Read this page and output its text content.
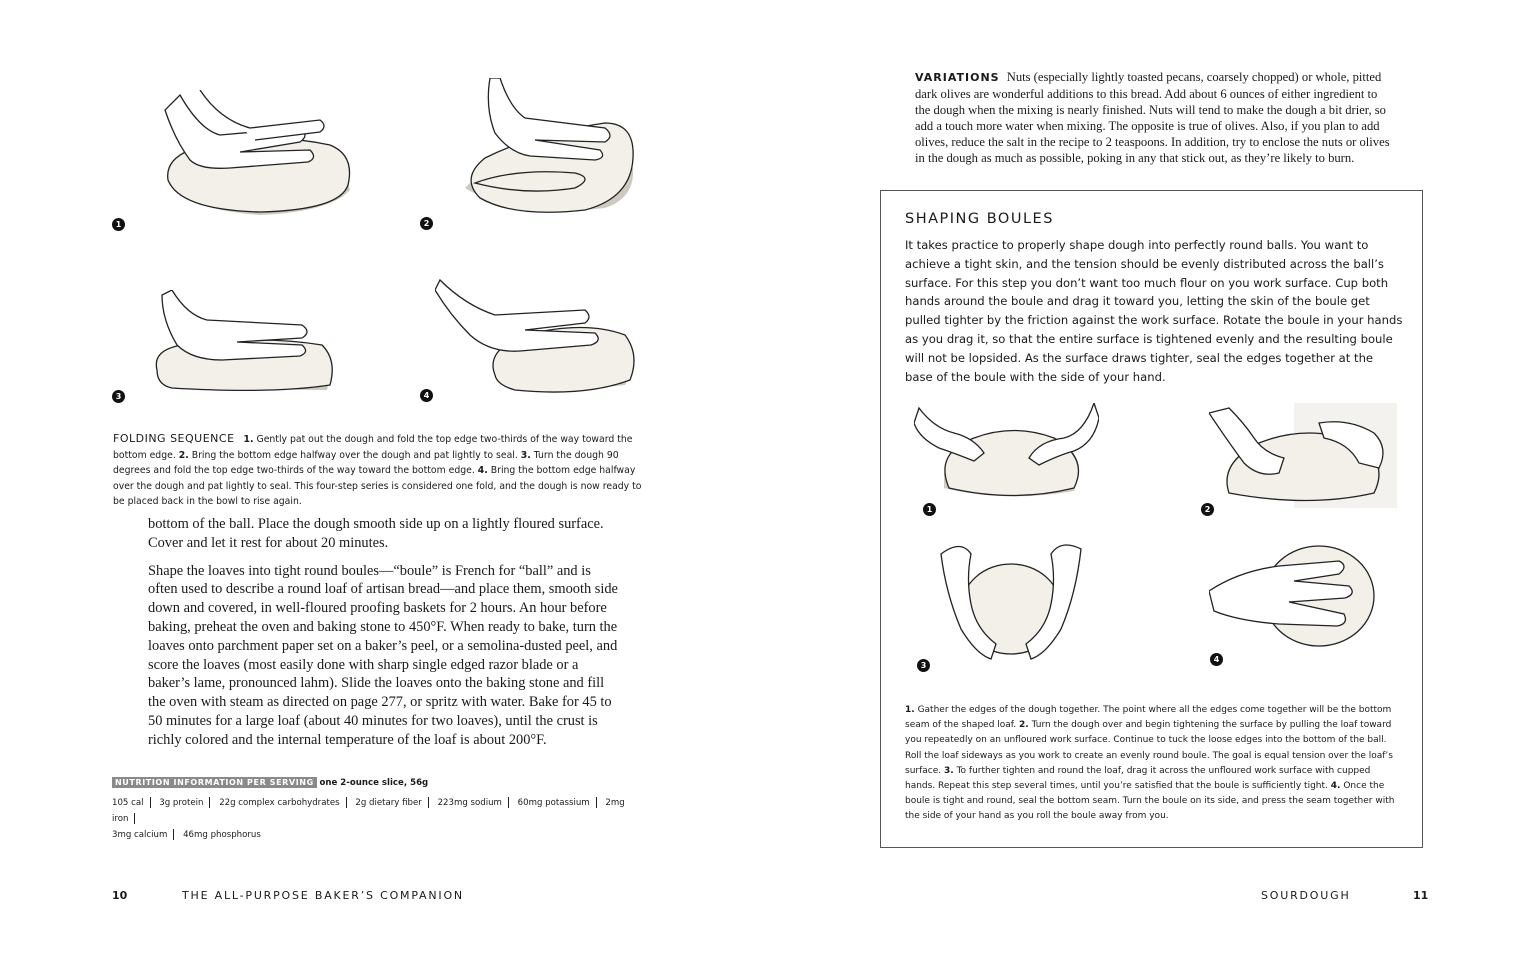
1	2
3	4
FOLDING SEQUENCE 1. Gently pat out the dough and fold the top edge two-thirds of the way toward the bottom edge. 2. Bring the bottom edge halfway over the dough and pat lightly to seal. 3. Turn the dough 90 degrees and fold the top edge two-thirds of the way toward the bottom edge. 4. Bring the bottom edge halfway over the dough and pat lightly to seal. This four-step series is considered one fold, and the dough is now ready to be placed back in the bowl to rise again.

bottom of the ball. Place the dough smooth side up on a lightly floured surface. Cover and let it rest for about 20 minutes.

Shape the loaves into tight round boules—“boule” is French for “ball” and is often used to describe a round loaf of artisan bread—and place them, smooth side down and covered, in well-floured proofing baskets for 2 hours. An hour before baking, preheat the oven and baking stone to 450°F. When ready to bake, turn the loaves onto parchment paper set on a baker’s peel, or a semolina-dusted peel, and score the loaves (most easily done with sharp single edged razor blade or a baker’s lame, pronounced lahm). Slide the loaves onto the baking stone and fill the oven with steam as directed on page 277, or spritz with water. Bake for 45 to 50 minutes for a large loaf (about 40 minutes for two loaves), until the crust is richly colored and the internal temperature of the loaf is about 200°F.

NUTRITION INFORMATION PER SERVING one 2-ounce slice, 56g
105 cal 3g protein 22g complex carbohydrates 2g dietary fiber 223mg sodium 60mg potassium 2mg iron
3mg calcium 46mg phosphorus
10	THE ALL-PURPOSE BAKER’S COMPANION
VARIATIONS Nuts (especially lightly toasted pecans, coarsely chopped) or whole, pitted dark olives are wonderful additions to this bread. Add about 6 ounces of either ingredient to the dough when the mixing is nearly finished. Nuts will tend to make the dough a bit drier, so add a touch more water when mixing. The opposite is true of olives. Also, if you plan to add olives, reduce the salt in the recipe to 2 teaspoons. In addition, try to enclose the nuts or olives in the dough as much as possible, poking in any that stick out, as they’re likely to burn.
SHAPING BOULES
It takes practice to properly shape dough into perfectly round balls. You want to achieve a tight skin, and the tension should be evenly distributed across the ball’s surface. For this step you don’t want too much flour on you work surface. Cup both hands around the boule and drag it toward you, letting the skin of the boule get pulled tighter by the friction against the work surface. Rotate the boule in your hands as you drag it, so that the entire surface is tightened evenly and the resulting boule will not be lopsided. As the surface draws tighter, seal the edges together at the base of the boule with the side of your hand.
1	2
3
4
1. Gather the edges of the dough together. The point where all the edges come together will be the bottom seam of the shaped loaf. 2. Turn the dough over and begin tightening the surface by pulling the loaf toward you repeatedly on an unfloured work surface. Continue to tuck the loose edges into the bottom of the ball. Roll the loaf sideways as you work to create an evenly round boule. The goal is equal tension over the loaf’s surface. 3. To further tighten and round the loaf, drag it across the unfloured work surface with cupped hands. Repeat this step several times, until you’re satisfied that the boule is sufficiently tight. 4. Once the boule is tight and round, seal the bottom seam. Turn the boule on its side, and press the seam together with the side of your hand as you roll the boule away from you.
SOURDOUGH	11
